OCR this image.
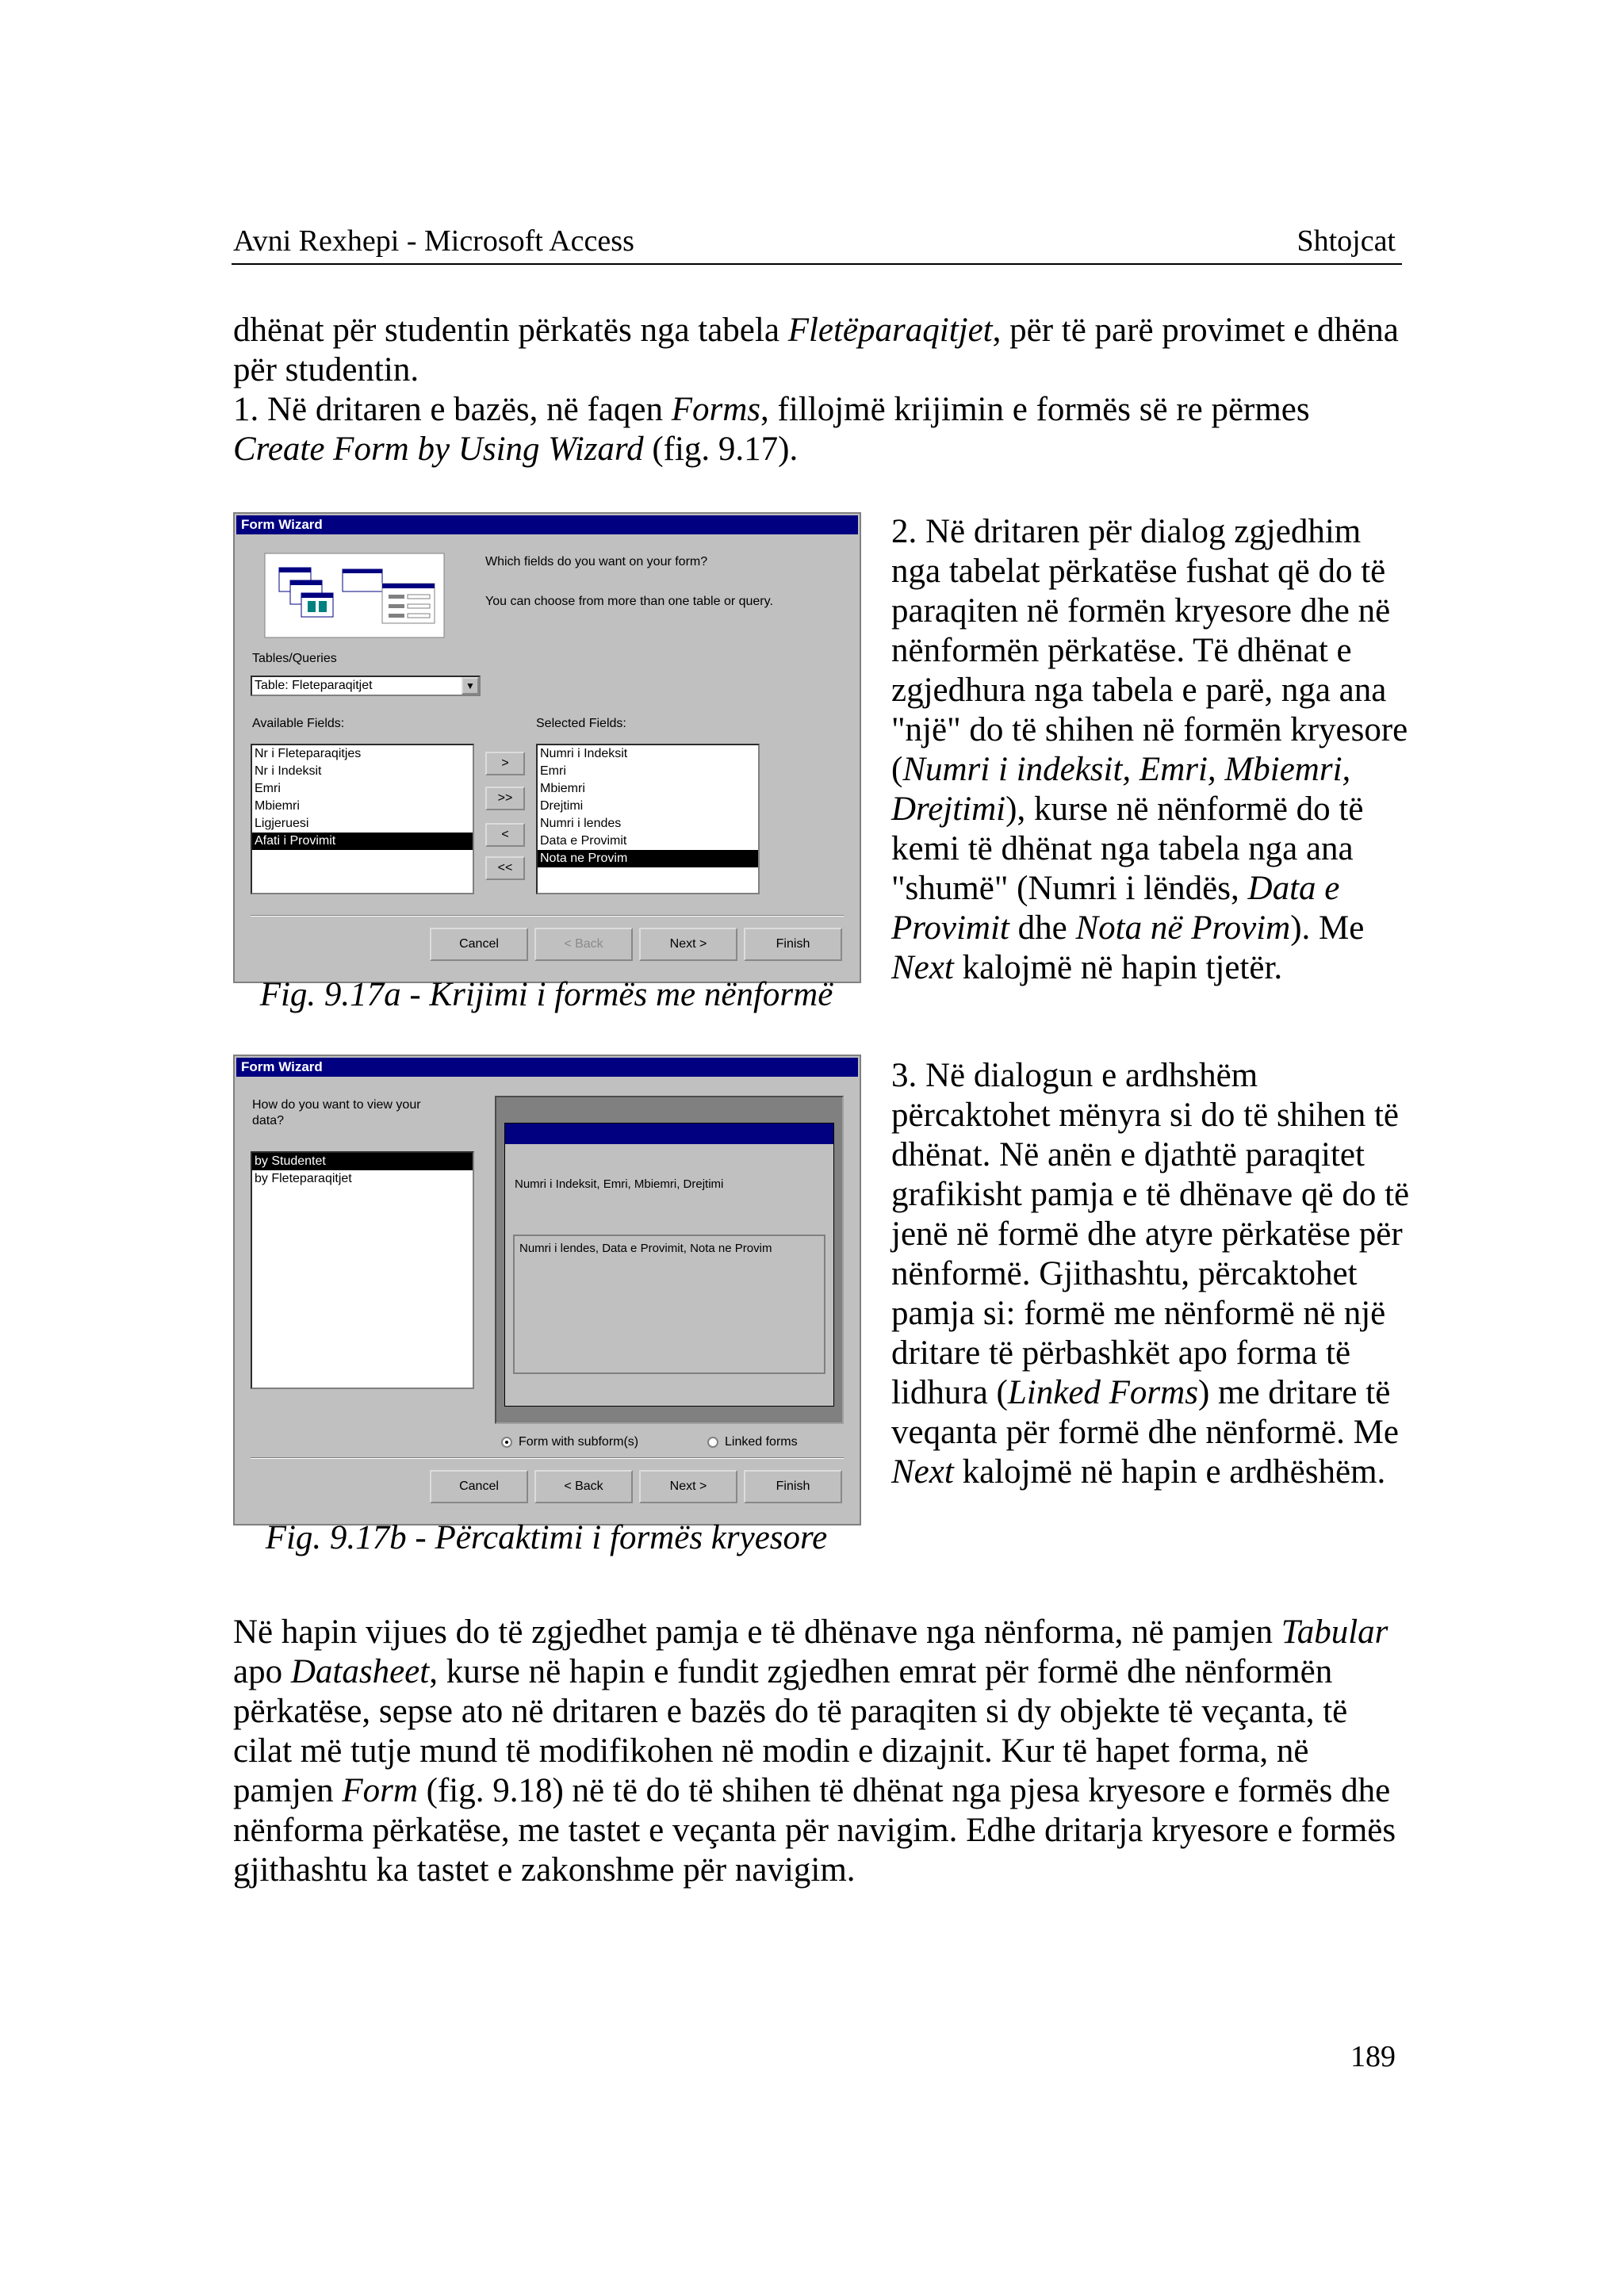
Avni Rexhepi - Microsoft Access	Shtojcat
dhënat për studentin përkatës nga tabela Fletëparaqitjet, për të parë provimet e dhëna për studentin.
1. Në dritaren e bazës, në faqen Forms, fillojmë krijimin e formës së re përmes Create Form by Using Wizard (fig. 9.17).
Form Wizard
Which fields do you want on your form?
You can choose from more than one table or query.
Tables/Queries
Table: Fleteparaqitjet	▼
Available Fields:	Selected Fields:
Nr i Fleteparaqitjes
Nr i Indeksit
Emri
Mbiemri
Ligjeruesi
Afati i Provimit
>
>>
<
<<
Numri i Indeksit
Emri
Mbiemri
Drejtimi
Numri i lendes
Data e Provimit
Nota ne Provim
Cancel	< Back	Next >	Finish
Fig. 9.17a - Krijimi i formës me nënformë
Form Wizard
How do you want to view your data?
by Studentet
by Fleteparaqitjet	Numri i Indeksit, Emri, Mbiemri, Drejtimi
Numri i lendes, Data e Provimit, Nota ne Provim
Form with subform(s)	Linked forms
Cancel	< Back	Next >	Finish
Fig. 9.17b - Përcaktimi i formës kryesore
2. Në dritaren për dialog zgjedhim nga tabelat përkatëse fushat që do të paraqiten në formën kryesore dhe në nënformën përkatëse. Të dhënat e zgjedhura nga tabela e parë, nga ana "një" do të shihen në formën kryesore (Numri i indeksit, Emri, Mbiemri, Drejtimi), kurse në nënformë do të kemi të dhënat nga tabela nga ana "shumë" (Numri i lëndës, Data e Provimit dhe Nota në Provim). Me Next kalojmë në hapin tjetër.
3. Në dialogun e ardhshëm përcaktohet mënyra si do të shihen të dhënat. Në anën e djathtë paraqitet grafikisht pamja e të dhënave që do të jenë në formë dhe atyre përkatëse për nënformë. Gjithashtu, përcaktohet pamja si: formë me nënformë në një dritare të përbashkët apo forma të lidhura (Linked Forms) me dritare të veqanta për formë dhe nënformë. Me Next kalojmë në hapin e ardhëshëm.
Në hapin vijues do të zgjedhet pamja e të dhënave nga nënforma, në pamjen Tabular apo Datasheet, kurse në hapin e fundit zgjedhen emrat për formë dhe nënformën përkatëse, sepse ato në dritaren e bazës do të paraqiten si dy objekte të veçanta, të cilat më tutje mund të modifikohen në modin e dizajnit. Kur të hapet forma, në pamjen Form (fig. 9.18) në të do të shihen të dhënat nga pjesa kryesore e formës dhe nënforma përkatëse, me tastet e veçanta për navigim. Edhe dritarja kryesore e formës gjithashtu ka tastet e zakonshme për navigim.
189
